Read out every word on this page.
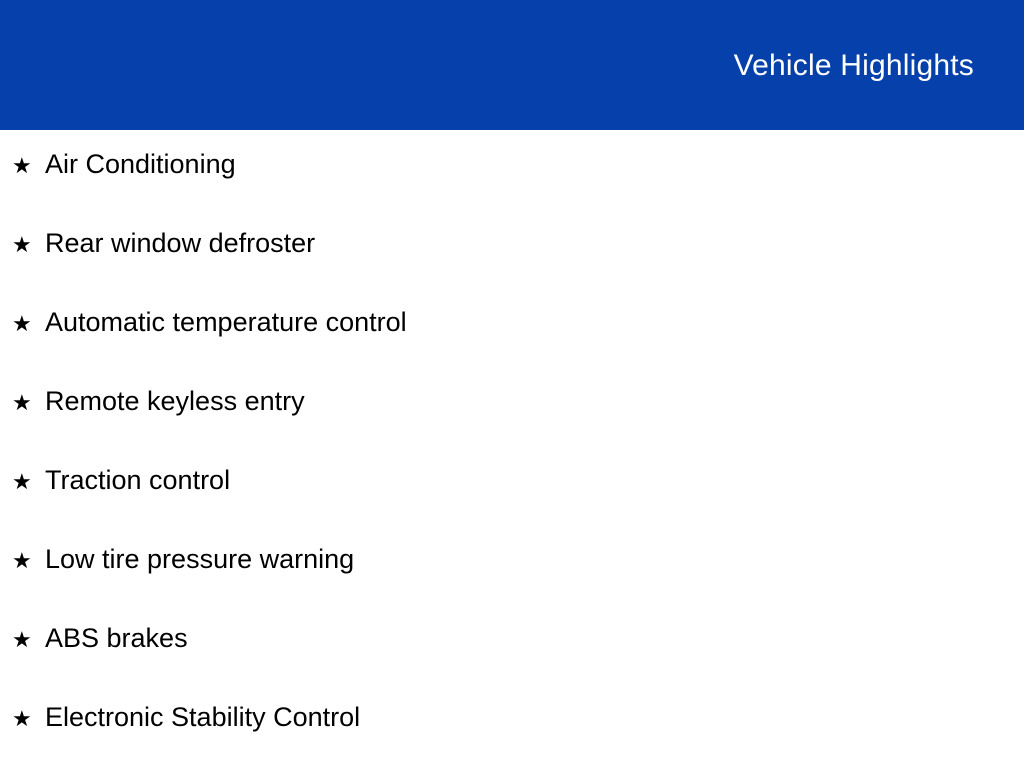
Vehicle Highlights
★ Air Conditioning
★ Rear window defroster
★ Automatic temperature control
★ Remote keyless entry
★ Traction control
★ Low tire pressure warning
★ ABS brakes
★ Electronic Stability Control
